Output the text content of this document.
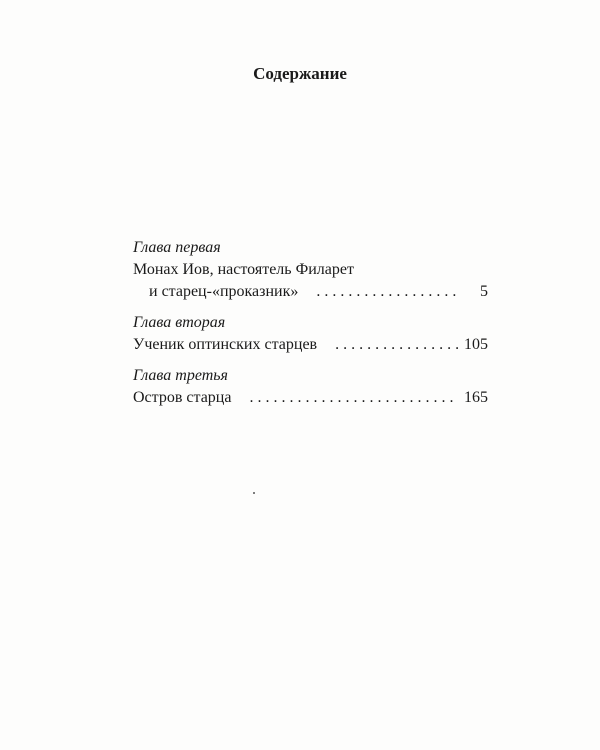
Содержание
Глава первая
Монах Иов, настоятель Филарет
и старец-«проказник» . . .	5
Глава вторая
Ученик оптинских старцев . . .	105
Глава третья
Остров старца . . .	165
